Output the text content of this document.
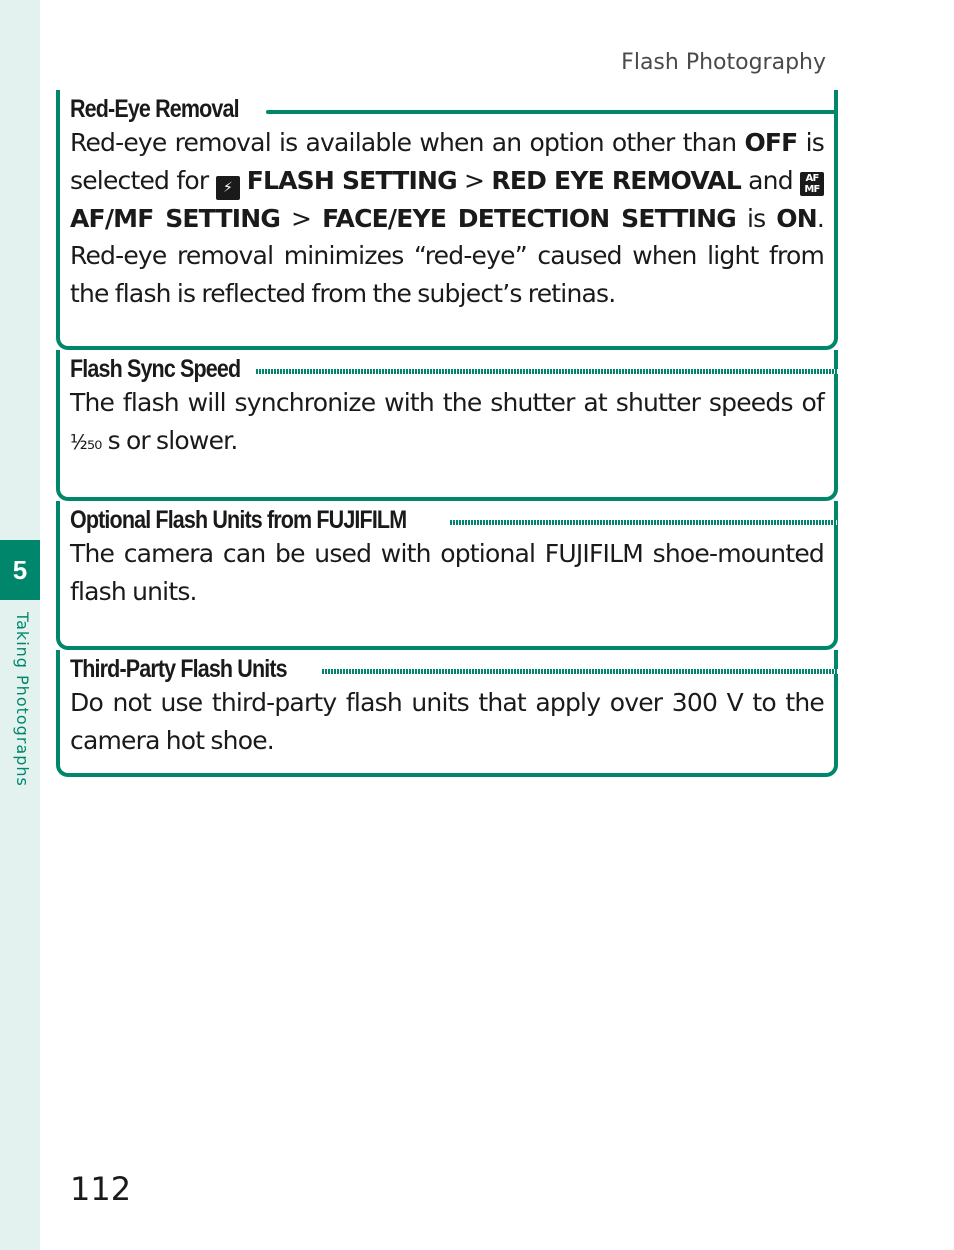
5
Taking Photographs
Flash Photography
Red-Eye Removal
Red-eye removal is available when an option other than OFF is selected for ⚡ FLASH SETTING > RED EYE REMOVAL and AF
MF AF/MF SETTING > FACE/EYE DETECTION SETTING is ON. Red-eye removal minimizes “red-eye” caused when light from the flash is reflected from the subject’s retinas.
Flash Sync Speed
The flash will synchronize with the shutter at shutter speeds of ¹⁄₂₅₀ s or slower.
Optional Flash Units from FUJIFILM
The camera can be used with optional FUJIFILM shoe-mounted flash units.
Third-Party Flash Units
Do not use third-party flash units that apply over 300 V to the camera hot shoe.
112
